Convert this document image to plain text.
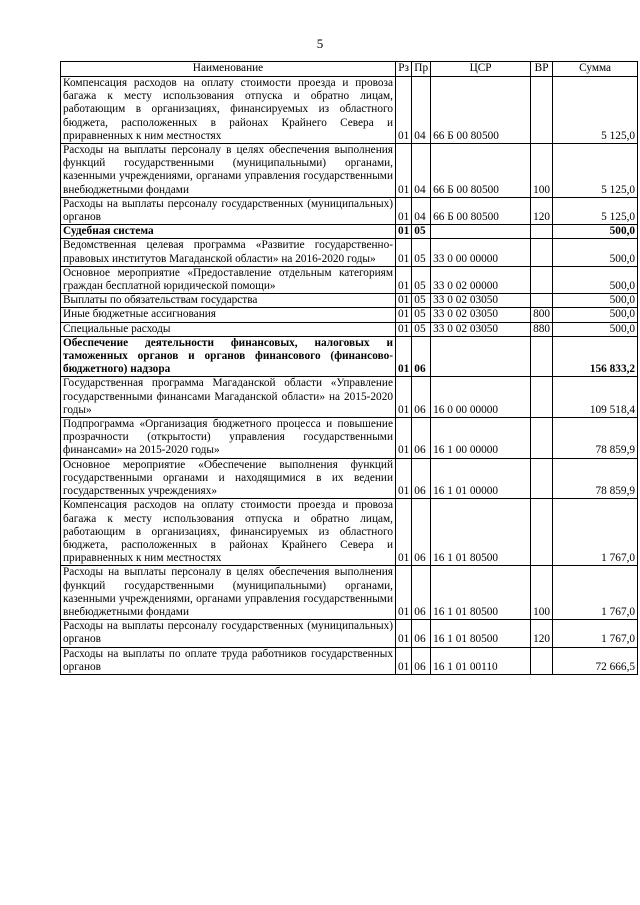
5
Наименование	Рз	Пр	ЦСР	ВР	Сумма
Компенсация расходов на оплату стоимости проезда и провоза багажа к месту использования отпуска и обратно лицам, работающим в организациях, финансируемых из областного бюджета, расположенных в районах Крайнего Севера и приравненных к ним местностях	01	04	66 Б 00 80500		5 125,0
Расходы на выплаты персоналу в целях обеспечения выполнения функций государственными (муниципальными) органами, казенными учреждениями, органами управления государственными внебюджетными фондами	01	04	66 Б 00 80500	100	5 125,0
Расходы на выплаты персоналу государственных (муниципальных) органов	01	04	66 Б 00 80500	120	5 125,0
Судебная система	01	05			500,0
Ведомственная целевая программа «Развитие государственно-правовых институтов Магаданской области» на 2016-2020 годы»	01	05	33 0 00 00000		500,0
Основное мероприятие «Предоставление отдельным категориям граждан бесплатной юридической помощи»	01	05	33 0 02 00000		500,0
Выплаты по обязательствам государства	01	05	33 0 02 03050		500,0
Иные бюджетные ассигнования	01	05	33 0 02 03050	800	500,0
Специальные расходы	01	05	33 0 02 03050	880	500,0
Обеспечение деятельности финансовых, налоговых и таможенных органов и органов финансового (финансово-бюджетного) надзора	01	06			156 833,2
Государственная программа Магаданской области «Управление государственными финансами Магаданской области» на 2015-2020 годы»	01	06	16 0 00 00000		109 518,4
Подпрограмма «Организация бюджетного процесса и повышение прозрачности (открытости) управления государственными финансами» на 2015-2020 годы»	01	06	16 1 00 00000		78 859,9
Основное мероприятие «Обеспечение выполнения функций государственными органами и находящимися в их ведении государственных учреждениях»	01	06	16 1 01 00000		78 859,9
Компенсация расходов на оплату стоимости проезда и провоза багажа к месту использования отпуска и обратно лицам, работающим в организациях, финансируемых из областного бюджета, расположенных в районах Крайнего Севера и приравненных к ним местностях	01	06	16 1 01 80500		1 767,0
Расходы на выплаты персоналу в целях обеспечения выполнения функций государственными (муниципальными) органами, казенными учреждениями, органами управления государственными внебюджетными фондами	01	06	16 1 01 80500	100	1 767,0
Расходы на выплаты персоналу государственных (муниципальных) органов	01	06	16 1 01 80500	120	1 767,0
Расходы на выплаты по оплате труда работников государственных органов	01	06	16 1 01 00110		72 666,5
